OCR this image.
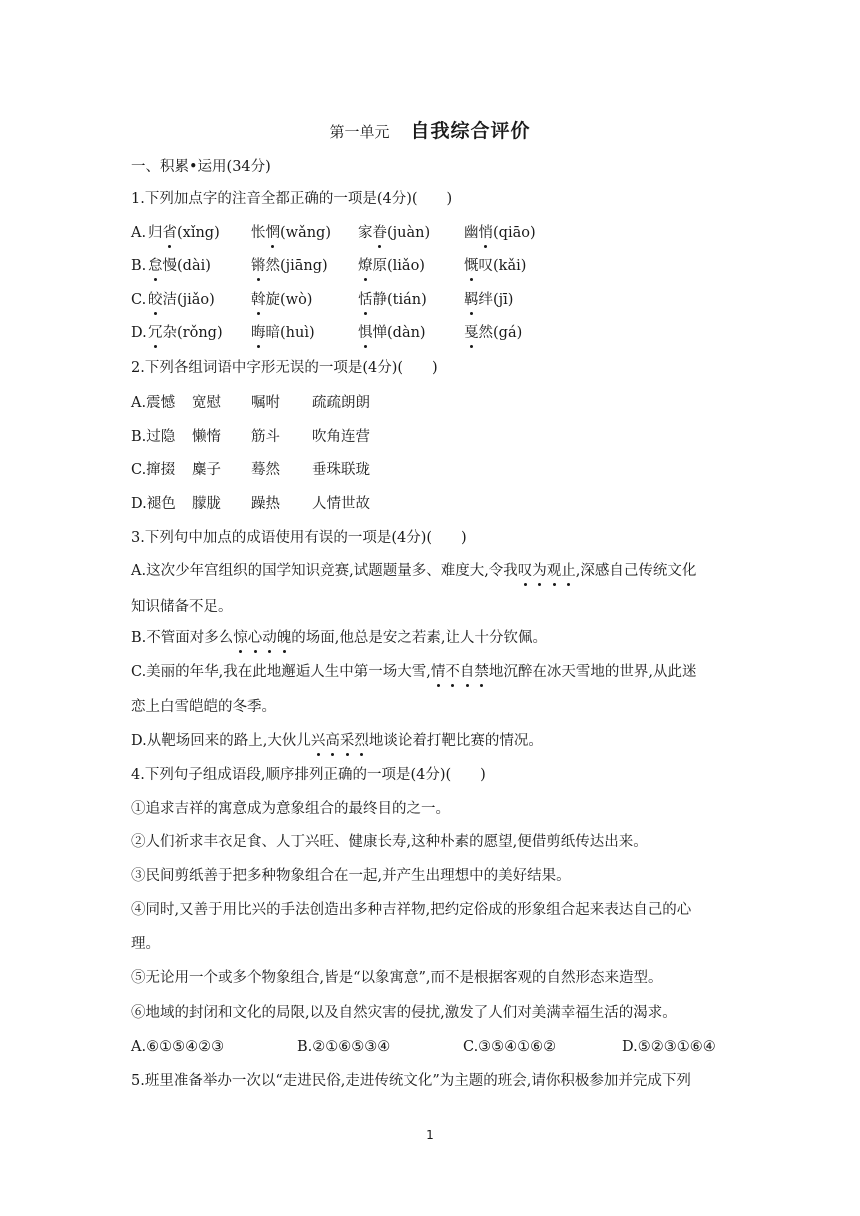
第一单元 自我综合评价
一、积累•运用(34分)
1.下列加点字的注音全都正确的一项是(4分)(　　)
A. 归省(xǐng) 怅惘(wǎng) 家眷(juàn) 幽悄(qiāo)
B. 怠慢(dài)	锵然(jiāng) 燎原(liǎo)	慨叹(kǎi)
C. 皎洁(jiǎo) 斡旋(wò)	恬静(tián)	羁绊(jī)
D. 冗杂(rǒng) 晦暗(huì)	惧惮(dàn)	戛然(gá)
2.下列各组词语中字形无误的一项是(4分)(　　)
A.震憾 宽慰 嘱咐 疏疏朗朗
B.过隐 懒惰 筋斗 吹角连营
C.撺掇 麋子 蓦然 垂珠联珑
D.褪色 朦胧 躁热 人情世故
3.下列句中加点的成语使用有误的一项是(4分)(　　)
A.这次少年宫组织的国学知识竞赛,试题题量多、难度大,令我叹为观止,深感自己传统文化
知识储备不足。
B.不管面对多么惊心动魄的场面,他总是安之若素,让人十分钦佩。
C.美丽的年华,我在此地邂逅人生中第一场大雪,情不自禁地沉醉在冰天雪地的世界,从此迷
恋上白雪皑皑的冬季。
D.从靶场回来的路上,大伙儿兴高采烈地谈论着打靶比赛的情况。
4.下列句子组成语段,顺序排列正确的一项是(4分)(　　)
①追求吉祥的寓意成为意象组合的最终目的之一。
②人们祈求丰衣足食、人丁兴旺、健康长寿,这种朴素的愿望,便借剪纸传达出来。
③民间剪纸善于把多种物象组合在一起,并产生出理想中的美好结果。
④同时,又善于用比兴的手法创造出多种吉祥物,把约定俗成的形象组合起来表达自己的心
理。
⑤无论用一个或多个物象组合,皆是“以象寓意”,而不是根据客观的自然形态来造型。
⑥地域的封闭和文化的局限,以及自然灾害的侵扰,激发了人们对美满幸福生活的渴求。
A.⑥①⑤④②③	B.②①⑥⑤③④	C.③⑤④①⑥②	D.⑤②③①⑥④
5.班里准备举办一次以“走进民俗,走进传统文化”为主题的班会,请你积极参加并完成下列
1
